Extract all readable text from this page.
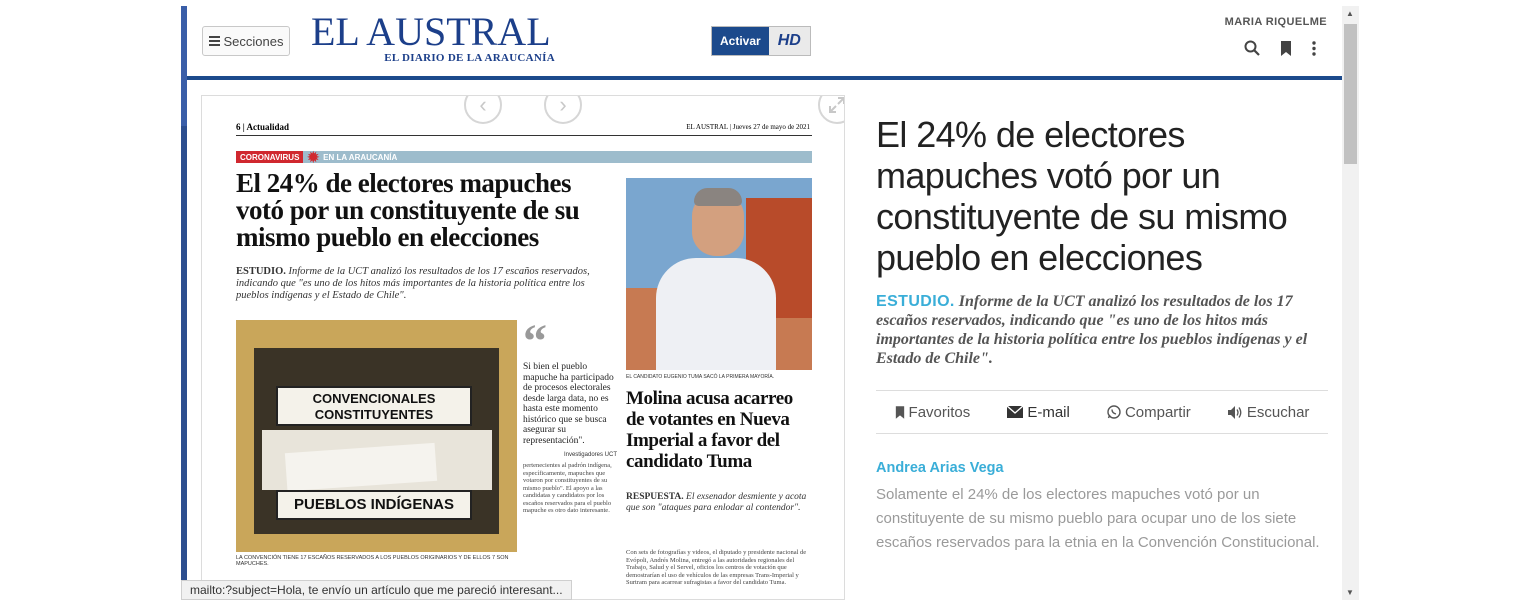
Secciones EL AUSTRAL
EL DIARIO DE LA ARAUCANÍA
Activar	HD
MARIA RIQUELME
▲
▼
6 | Actualidad	EL AUSTRAL | Jueves 27 de mayo de 2021
CORONAVIRUS ✹ EN LA ARAUCANÍA
El 24% de electores mapuches votó por un constituyente de su mismo pueblo en elecciones
ESTUDIO. Informe de la UCT analizó los resultados de los 17 escaños reservados, indicando que "es uno de los hitos más importantes de la historia política entre los pueblos indígenas y el Estado de Chile".
CONVENCIONALES CONSTITUYENTES
PUEBLOS INDÍGENAS
LA CONVENCIÓN TIENE 17 ESCAÑOS RESERVADOS A LOS PUEBLOS ORIGINARIOS Y DE ELLOS 7 SON MAPUCHES.
“
Si bien el pueblo mapuche ha participado de procesos electorales desde larga data, no es hasta este momento histórico que se busca asegurar su representación".
Investigadores UCT
pertenecientes al padrón indígena, específicamente, mapuches que votaron por constituyentes de su mismo pueblo". El apoyo a las candidatas y candidatos por los escaños reservados para el pueblo mapuche es otro dato interesante.
EL CANDIDATO EUGENIO TUMA SACÓ LA PRIMERA MAYORÍA.
Molina acusa acarreo de votantes en Nueva Imperial a favor del candidato Tuma
RESPUESTA. El exsenador desmiente y acota que son "ataques para enlodar al contendor".
Con sets de fotografías y videos, el diputado y presidente nacional de Evópoli, Andrés Molina, entregó a las autoridades regionales del Trabajo, Salud y el Servel, oficios los centros de votación que demostrarían el uso de vehículos de las empresas Trans-Imperial y Surtram para acarrear sufragistas a favor del candidato Tuma.
‹	›
mailto:?subject=Hola, te envío un artículo que me pareció interesant...
El 24% de electores mapuches votó por un constituyente de su mismo pueblo en elecciones
ESTUDIO. Informe de la UCT analizó los resultados de los 17 escaños reservados, indicando que "es uno de los hitos más importantes de la historia política entre los pueblos indígenas y el Estado de Chile".
Favoritos	E-mail	Compartir	Escuchar
Andrea Arias Vega
Solamente el 24% de los electores mapuches votó por un constituyente de su mismo pueblo para ocupar uno de los siete escaños reservados para la etnia en la Convención Constitucional.
